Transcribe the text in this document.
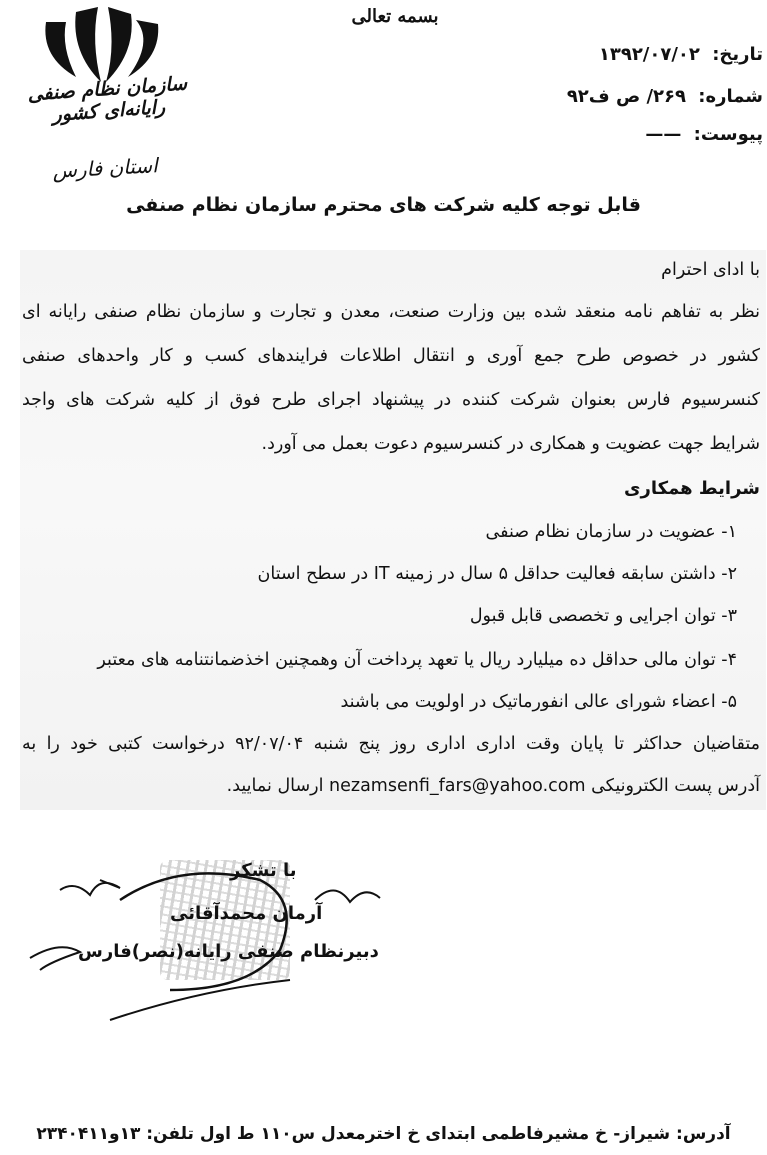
سازمان نظام صنفی رایانه‌ای کشور
استان فارس
بسمه تعالی
تاریخ: ۱۳۹۲/۰۷/۰۲
شماره: ۲۶۹/ ص ف۹۲
پیوست: ——
قابل توجه کلیه شرکت های محترم سازمان نظام صنفی
با ادای احترام
نظر به تفاهم نامه منعقد شده بین وزارت صنعت، معدن و تجارت و سازمان نظام صنفی رایانه ای
کشور در خصوص طرح جمع آوری و انتقال اطلاعات فرایندهای کسب و کار واحدهای صنفی
کنسرسیوم فارس بعنوان شرکت کننده در پیشنهاد اجرای طرح فوق از کلیه شرکت های واجد
شرایط جهت عضویت و همکاری در کنسرسیوم دعوت بعمل می آورد.
شرایط همکاری
۱- عضویت در سازمان نظام صنفی
۲- داشتن سابقه فعالیت حداقل ۵ سال در زمینه IT در سطح استان
۳- توان اجرایی و تخصصی قابل قبول
۴- توان مالی حداقل ده میلیارد ریال یا تعهد پرداخت آن وهمچنین اخذضمانتنامه های معتبر
۵- اعضاء شورای عالی انفورماتیک در اولویت می باشند
متقاضیان حداکثر تا پایان وقت اداری اداری روز پنج شنبه ۹۲/۰۷/۰۴ درخواست کتبی خود را به
آدرس پست الکترونیکی nezamsenfi_fars@yahoo.com ارسال نمایید.
با تشکر
آرمان محمدآقائی
دبیرنظام صنفی رایانه(نصر)فارس
آدرس: شیراز- خ مشیرفاطمی ابتدای خ اخترمعدل س۱۱۰ ط اول تلفن: ۱۳و۲۳۴۰۴۱۱
